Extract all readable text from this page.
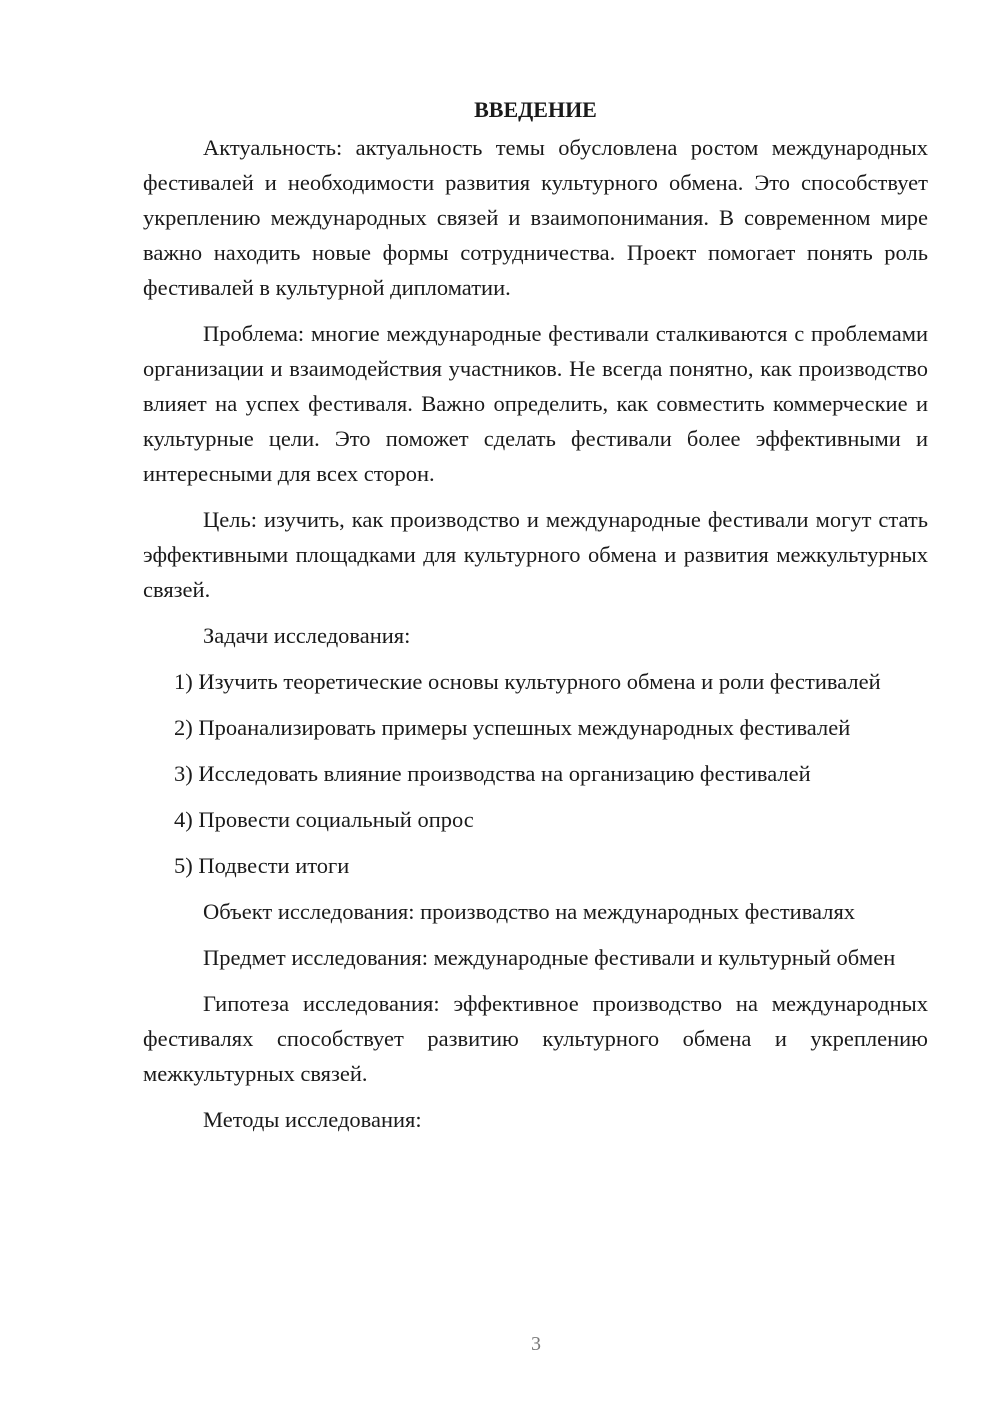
ВВЕДЕНИЕ

Актуальность: актуальность темы обусловлена ростом международных фестивалей и необходимости развития культурного обмена. Это способствует укреплению международных связей и взаимопонимания. В современном мире важно находить новые формы сотрудничества. Проект помогает понять роль фестивалей в культурной дипломатии.

Проблема: многие международные фестивали сталкиваются с проблемами организации и взаимодействия участников. Не всегда понятно, как производство влияет на успех фестиваля. Важно определить, как совместить коммерческие и культурные цели. Это поможет сделать фестивали более эффективными и интересными для всех сторон.

Цель: изучить, как производство и международные фестивали могут стать эффективными площадками для культурного обмена и развития межкультурных связей.

Задачи исследования:

1) Изучить теоретические основы культурного обмена и роли фестивалей

2) Проанализировать примеры успешных международных фестивалей

3) Исследовать влияние производства на организацию фестивалей

4) Провести социальный опрос

5) Подвести итоги

Объект исследования: производство на международных фестивалях

Предмет исследования: международные фестивали и культурный обмен

Гипотеза исследования: эффективное производство на международных фестивалях способствует развитию культурного обмена и укреплению межкультурных связей.

Методы исследования:

3
